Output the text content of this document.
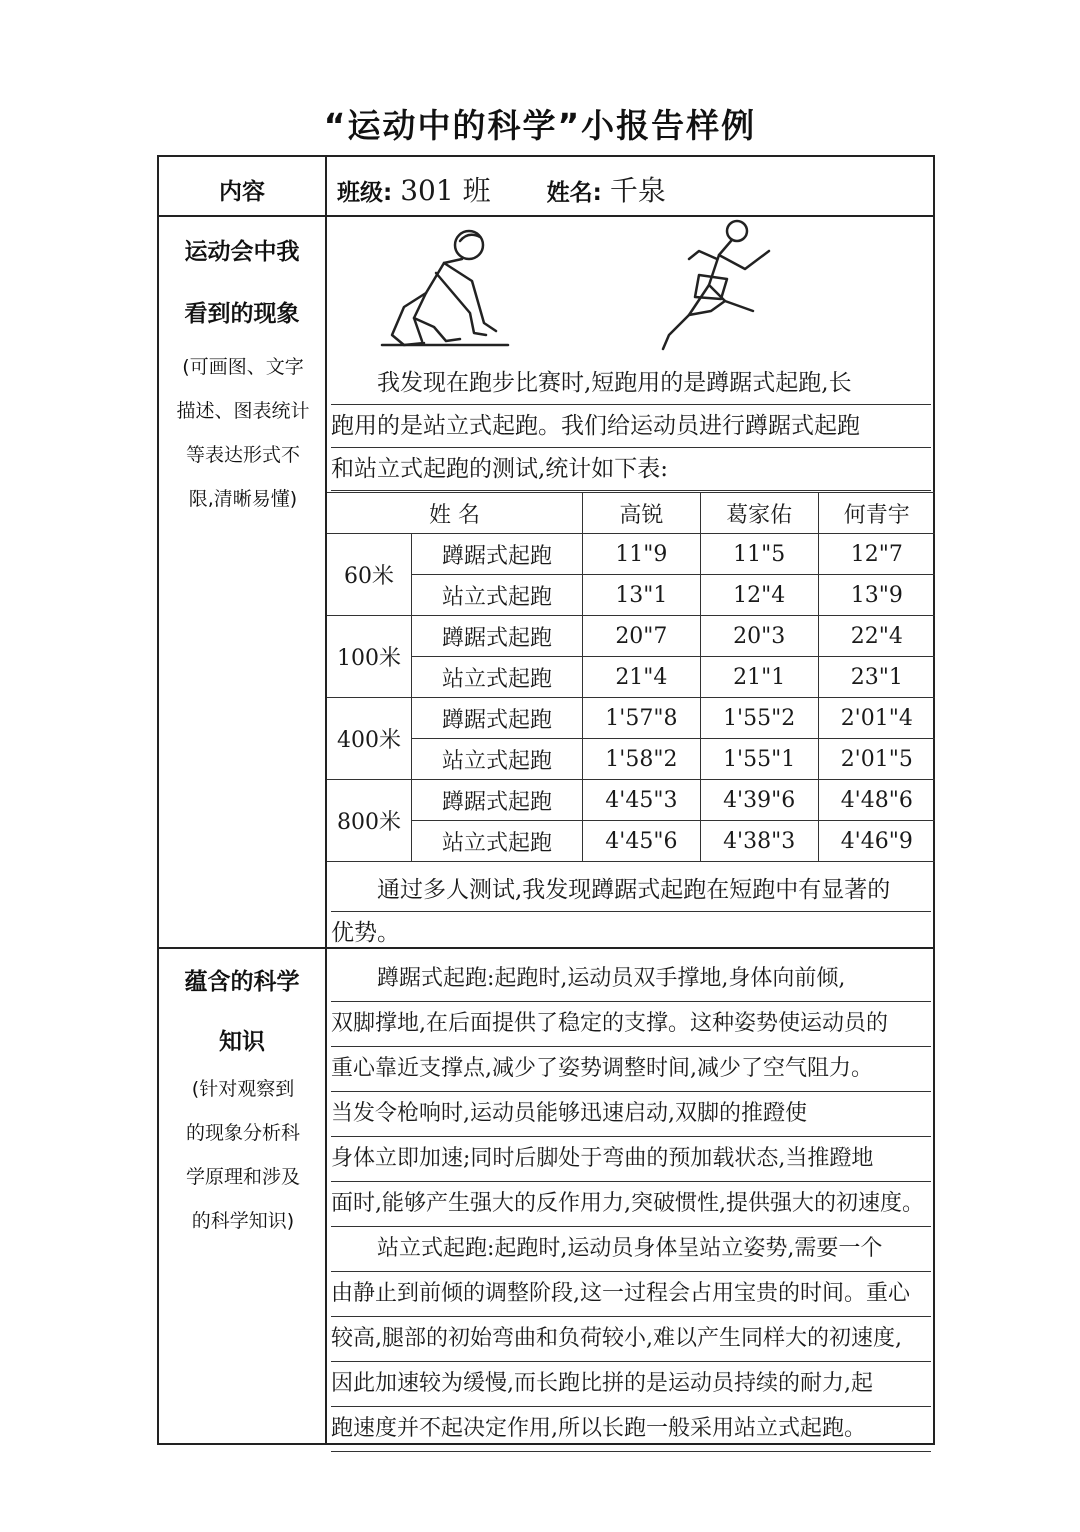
“运动中的科学”小报告样例
内容	班级: 301 班 姓名: 千泉
运动会中我
看到的现象
(可画图、文字
描述、图表统计
等表达形式不
限,清晰易懂)
我发现在跑步比赛时,短跑用的是蹲踞式起跑,长
跑用的是站立式起跑。我们给运动员进行蹲踞式起跑
和站立式起跑的测试,统计如下表:
姓 名		高锐	葛家佑	何青宇
60米	蹲踞式起跑	11"9	11"5	12"7
	站立式起跑	13"1	12"4	13"9
100米	蹲踞式起跑	20"7	20"3	22"4
	站立式起跑	21"4	21"1	23"1
400米	蹲踞式起跑	1'57"8	1'55"2	2'01"4
	站立式起跑	1'58"2	1'55"1	2'01"5
800米	蹲踞式起跑	4'45"3	4'39"6	4'48"6
	站立式起跑	4'45"6	4'38"3	4'46"9
通过多人测试,我发现蹲踞式起跑在短跑中有显著的
优势。
蕴含的科学
知识
(针对观察到
的现象分析科
学原理和涉及
的科学知识)
蹲踞式起跑:起跑时,运动员双手撑地,身体向前倾,
双脚撑地,在后面提供了稳定的支撑。这种姿势使运动员的
重心靠近支撑点,减少了姿势调整时间,减少了空气阻力。
当发令枪响时,运动员能够迅速启动,双脚的推蹬使
身体立即加速;同时后脚处于弯曲的预加载状态,当推蹬地
面时,能够产生强大的反作用力,突破惯性,提供强大的初速度。
站立式起跑:起跑时,运动员身体呈站立姿势,需要一个
由静止到前倾的调整阶段,这一过程会占用宝贵的时间。重心
较高,腿部的初始弯曲和负荷较小,难以产生同样大的初速度,
因此加速较为缓慢,而长跑比拼的是运动员持续的耐力,起
跑速度并不起决定作用,所以长跑一般采用站立式起跑。
